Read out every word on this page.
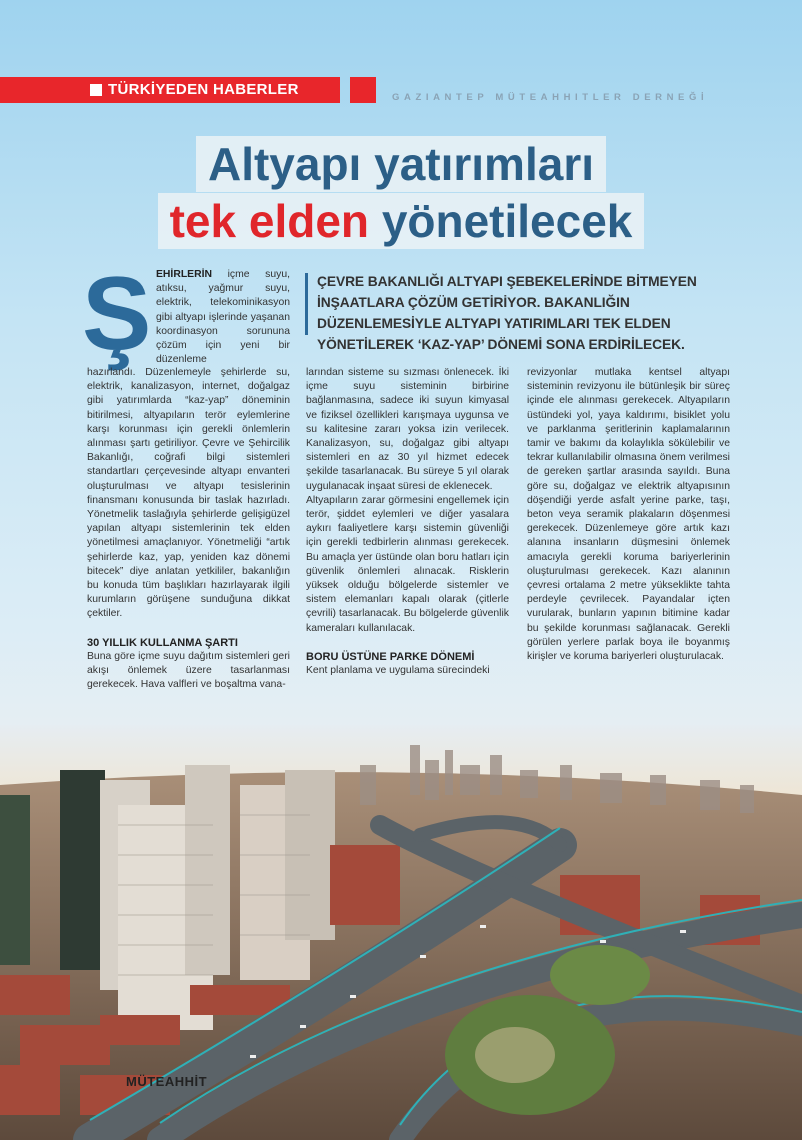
TÜRKİYEDEN HABERLER	GAZIANTEP MÜTEAHHITLER DERNEĞİ
Altyapı yatırımları
tek elden yönetilecek
Ş EHİRLERİN içme suyu, atıksu, yağmur suyu, elektrik, telekominikasyon gibi altyapı işlerinde yaşanan koordinasyon sorununa çözüm için yeni bir düzenleme
ÇEVRE BAKANLIĞI ALTYAPI ŞEBEKELERİNDE BİTMEYEN İNŞAATLARA ÇÖZÜM GETİRİYOR. BAKANLIĞIN DÜZENLEMESİYLE ALTYAPI YATIRIMLARI TEK ELDEN YÖNETİLEREK ‘KAZ-YAP’ DÖNEMİ SONA ERDİRİLECEK.

hazırlandı. Düzenlemeyle şehirlerde su, elektrik, kanalizasyon, internet, doğalgaz gibi yatırımlarda “kaz-yap” döneminin bitirilmesi, altyapıların terör eylemlerine karşı korunması için gerekli önlemlerin alınması şartı getiriliyor. Çevre ve Şehircilik Bakanlığı, coğrafi bilgi sistemleri standartları çerçevesinde altyapı envanteri oluşturulması ve altyapı tesislerinin finansmanı konusunda bir taslak hazırladı. Yönetmelik taslağıyla şehirlerde gelişigüzel yapılan altyapı sistemlerinin tek elden yönetilmesi amaçlanıyor. Yönetmeliği “artık şehirlerde kaz, yap, yeniden kaz dönemi bitecek” diye anlatan yetkililer, bakanlığın bu konuda tüm başlıkları hazırlayarak ilgili kurumların görüşene sunduğuna dikkat çektiler.

30 YILLIK KULLANMA ŞARTI

Buna göre içme suyu dağıtım sistemleri geri akışı önlemek üzere tasarlanması gerekecek. Hava valfleri ve boşaltma vana-

larından sisteme su sızması önlenecek. İki içme suyu sisteminin birbirine bağlanmasına, sadece iki suyun kimyasal ve fiziksel özellikleri karışmaya uygunsa ve su kalitesine zararı yoksa izin verilecek. Kanalizasyon, su, doğalgaz gibi altyapı sistemleri en az 30 yıl hizmet edecek şekilde tasarlanacak. Bu süreye 5 yıl olarak uygulanacak inşaat süresi de eklenecek.

Altyapıların zarar görmesini engellemek için terör, şiddet eylemleri ve diğer yasalara aykırı faaliyetlere karşı sistemin güvenliği için gerekli tedbirlerin alınması gerekecek. Bu amaçla yer üstünde olan boru hatları için güvenlik önlemleri alınacak. Risklerin yüksek olduğu bölgelerde sistemler ve sistem elemanları kapalı olarak (çitlerle çevrili) tasarlanacak. Bu bölgelerde güvenlik kameraları kullanılacak.

BORU ÜSTÜNE PARKE DÖNEMİ

Kent planlama ve uygulama sürecindeki

revizyonlar mutlaka kentsel altyapı sisteminin revizyonu ile bütünleşik bir süreç içinde ele alınması gerekecek. Altyapıların üstündeki yol, yaya kaldırımı, bisiklet yolu ve parklanma şeritlerinin kaplamalarının tamir ve bakımı da kolaylıkla sökülebilir ve tekrar kullanılabilir olmasına önem verilmesi de gereken şartlar arasında sayıldı. Buna göre su, doğalgaz ve elektrik altyapısının döşendiği yerde asfalt yerine parke, taşı, beton veya seramik plakaların döşenmesi gerekecek. Düzenlemeye göre artık kazı alanına insanların düşmesini önlemek amacıyla gerekli koruma bariyerlerinin oluşturulması gerekecek. Kazı alanının çevresi ortalama 2 metre yükseklikte tahta perdeyle çevrilecek. Payandalar içten vurularak, bunların yapının bitimine kadar bu şekilde korunması sağlanacak. Gerekli görülen yerlere parlak boya ile boyanmış kirişler ve koruma bariyerleri oluşturulacak.

MÜTEAHHİT
